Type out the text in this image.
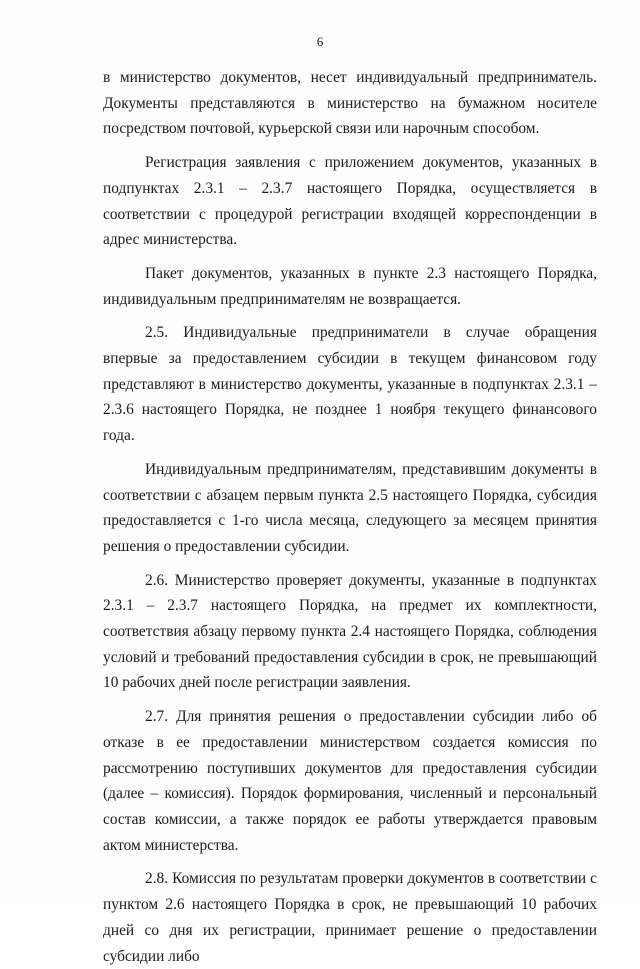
6

в министерство документов, несет индивидуальный предприниматель. Документы представляются в министерство на бумажном носителе посредством почтовой, курьерской связи или нарочным способом.

Регистрация заявления с приложением документов, указанных в подпунктах 2.3.1 – 2.3.7 настоящего Порядка, осуществляется в соответствии с процедурой регистрации входящей корреспонденции в адрес министерства.

Пакет документов, указанных в пункте 2.3 настоящего Порядка, индивидуальным предпринимателям не возвращается.

2.5. Индивидуальные предприниматели в случае обращения впервые за предоставлением субсидии в текущем финансовом году представляют в министерство документы, указанные в подпунктах 2.3.1 – 2.3.6 настоящего Порядка, не позднее 1 ноября текущего финансового года.

Индивидуальным предпринимателям, представившим документы в соответствии с абзацем первым пункта 2.5 настоящего Порядка, субсидия предоставляется с 1-го числа месяца, следующего за месяцем принятия решения о предоставлении субсидии.

2.6. Министерство проверяет документы, указанные в подпунктах 2.3.1 – 2.3.7 настоящего Порядка, на предмет их комплектности, соответствия абзацу первому пункта 2.4 настоящего Порядка, соблюдения условий и требований предоставления субсидии в срок, не превышающий 10 рабочих дней после регистрации заявления.

2.7. Для принятия решения о предоставлении субсидии либо об отказе в ее предоставлении министерством создается комиссия по рассмотрению поступивших документов для предоставления субсидии (далее – комиссия). Порядок формирования, численный и персональный состав комиссии, а также порядок ее работы утверждается правовым актом министерства.

2.8. Комиссия по результатам проверки документов в соответствии с пунктом 2.6 настоящего Порядка в срок, не превышающий 10 рабочих дней со дня их регистрации, принимает решение о предоставлении субсидии либо
